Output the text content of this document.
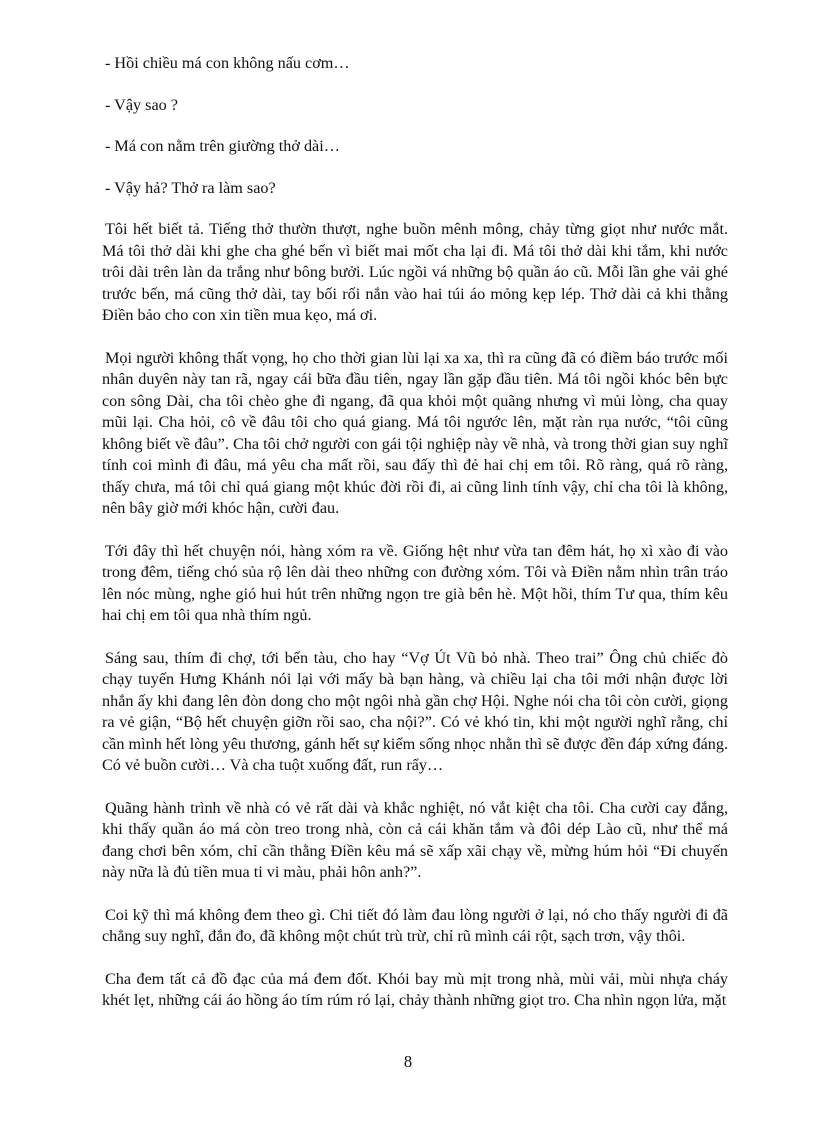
- Hồi chiều má con không nấu cơm…

- Vậy sao ?

- Má con nằm trên giường thở dài…

- Vậy hả? Thở ra làm sao?

Tôi hết biết tả. Tiếng thở thườn thượt, nghe buồn mênh mông, chảy từng giọt như nước mắt. Má tôi thở dài khi ghe cha ghé bến vì biết mai mốt cha lại đi. Má tôi thở dài khi tắm, khi nước trôi dài trên làn da trắng như bông bưởi. Lúc ngồi vá những bộ quần áo cũ. Mỗi lần ghe vải ghé trước bến, má cũng thở dài, tay bối rối nắn vào hai túi áo mỏng kẹp lép. Thở dài cả khi thằng Điền bảo cho con xin tiền mua kẹo, má ơi.

Mọi người không thất vọng, họ cho thời gian lùi lại xa xa, thì ra cũng đã có điềm báo trước mối nhân duyên này tan rã, ngay cái bữa đầu tiên, ngay lần gặp đầu tiên. Má tôi ngồi khóc bên bực con sông Dài, cha tôi chèo ghe đi ngang, đã qua khỏi một quãng nhưng vì mủi lòng, cha quay mũi lại. Cha hỏi, cô về đâu tôi cho quá giang. Má tôi ngước lên, mặt ràn rụa nước, “tôi cũng không biết về đâu”. Cha tôi chở người con gái tội nghiệp này về nhà, và trong thời gian suy nghĩ tính coi mình đi đâu, má yêu cha mất rồi, sau đấy thì đẻ hai chị em tôi. Rõ ràng, quá rõ ràng, thấy chưa, má tôi chỉ quá giang một khúc đời rồi đi, ai cũng linh tính vậy, chỉ cha tôi là không, nên bây giờ mới khóc hận, cười đau.

Tới đây thì hết chuyện nói, hàng xóm ra về. Giống hệt như vừa tan đêm hát, họ xì xào đi vào trong đêm, tiếng chó sủa rộ lên dài theo những con đường xóm. Tôi và Điền nằm nhìn trân tráo lên nóc mùng, nghe gió hui hút trên những ngọn tre già bên hè. Một hồi, thím Tư qua, thím kêu hai chị em tôi qua nhà thím ngủ.

Sáng sau, thím đi chợ, tới bến tàu, cho hay “Vợ Út Vũ bỏ nhà. Theo trai” Ông chủ chiếc đò chạy tuyến Hưng Khánh nói lại với mấy bà bạn hàng, và chiều lại cha tôi mới nhận được lời nhắn ấy khi đang lên đòn dong cho một ngôi nhà gần chợ Hội. Nghe nói cha tôi còn cười, giọng ra vẻ giận, “Bộ hết chuyện giỡn rồi sao, cha nội?”. Có vẻ khó tin, khi một người nghĩ rằng, chỉ cần mình hết lòng yêu thương, gánh hết sự kiếm sống nhọc nhằn thì sẽ được đền đáp xứng đáng. Có vẻ buồn cười… Và cha tuột xuống đất, run rẩy…

Quãng hành trình về nhà có vẻ rất dài và khắc nghiệt, nó vắt kiệt cha tôi. Cha cười cay đắng, khi thấy quần áo má còn treo trong nhà, còn cả cái khăn tắm và đôi dép Lào cũ, như thể má đang chơi bên xóm, chỉ cần thằng Điền kêu má sẽ xấp xãi chạy về, mừng húm hỏi “Đi chuyến này nữa là đủ tiền mua ti vi màu, phải hôn anh?”.

Coi kỹ thì má không đem theo gì. Chi tiết đó làm đau lòng người ở lại, nó cho thấy người đi đã chẳng suy nghĩ, đắn đo, đã không một chút trù trừ, chỉ rũ mình cái rột, sạch trơn, vậy thôi.

Cha đem tất cả đồ đạc của má đem đốt. Khói bay mù mịt trong nhà, mùi vải, mùi nhựa cháy khét lẹt, những cái áo hồng áo tím rúm ró lại, chảy thành những giọt tro. Cha nhìn ngọn lửa, mặt

8
